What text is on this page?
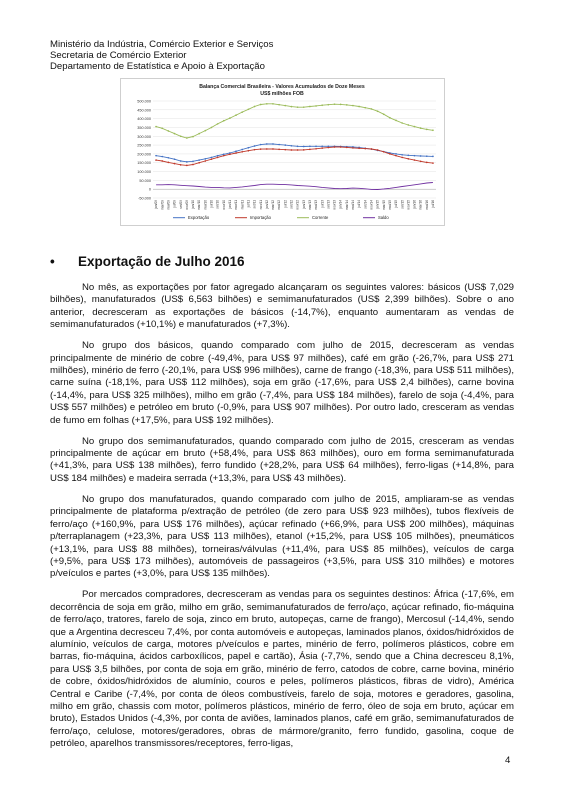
Ministério da Indústria, Comércio Exterior e Serviços
Secretaria de Comércio Exterior
Departamento de Estatística e Apoio à Exportação
Balança Comercial Brasileira - Valores Acumulados de Doze Meses
US$ milhões FOB
500.000
450.000
400.000
350.000
300.000
250.000
200.000
150.000
100.000
50.000
0
-50.000
jan/09 mar/09 mai/09 jul/09 set/09 nov/09 jan/10 mar/10 mai/10 jul/10 set/10 nov/10 jan/11 mar/11 mai/11 jul/11 set/11 nov/11 jan/12 mar/12 mai/12 jul/12 set/12 nov/12 jan/13 mar/13 mai/13 jul/13 set/13 nov/13 jan/14 mar/14 mai/14 jul/14 set/14 nov/14 jan/15 mar/15 mai/15 jul/15 set/15 nov/15 jan/16 mar/16 mai/16 jul/16
Exportação	Importação	Corrente	Saldo
• Exportação de Julho 2016

No mês, as exportações por fator agregado alcançaram os seguintes valores: básicos (US$ 7,029 bilhões), manufaturados (US$ 6,563 bilhões) e semimanufaturados (US$ 2,399 bilhões). Sobre o ano anterior, decresceram as exportações de básicos (-14,7%), enquanto aumentaram as vendas de semimanufaturados (+10,1%) e manufaturados (+7,3%).

No grupo dos básicos, quando comparado com julho de 2015, decresceram as vendas principalmente de minério de cobre (-49,4%, para US$ 97 milhões), café em grão (-26,7%, para US$ 271 milhões), minério de ferro (-20,1%, para US$ 996 milhões), carne de frango (-18,3%, para US$ 511 milhões), carne suína (-18,1%, para US$ 112 milhões), soja em grão (-17,6%, para US$ 2,4 bilhões), carne bovina (-14,4%, para US$ 325 milhões), milho em grão (-7,4%, para US$ 184 milhões), farelo de soja (-4,4%, para US$ 557 milhões) e petróleo em bruto (-0,9%, para US$ 907 milhões). Por outro lado, cresceram as vendas de fumo em folhas (+17,5%, para US$ 192 milhões).

No grupo dos semimanufaturados, quando comparado com julho de 2015, cresceram as vendas principalmente de açúcar em bruto (+58,4%, para US$ 863 milhões), ouro em forma semimanufaturada (+41,3%, para US$ 138 milhões), ferro fundido (+28,2%, para US$ 64 milhões), ferro-ligas (+14,8%, para US$ 184 milhões) e madeira serrada (+13,3%, para US$ 43 milhões).

No grupo dos manufaturados, quando comparado com julho de 2015, ampliaram-se as vendas principalmente de plataforma p/extração de petróleo (de zero para US$ 923 milhões), tubos flexíveis de ferro/aço (+160,9%, para US$ 176 milhões), açúcar refinado (+66,9%, para US$ 200 milhões), máquinas p/terraplanagem (+23,3%, para US$ 113 milhões), etanol (+15,2%, para US$ 105 milhões), pneumáticos (+13,1%, para US$ 88 milhões), torneiras/válvulas (+11,4%, para US$ 85 milhões), veículos de carga (+9,5%, para US$ 173 milhões), automóveis de passageiros (+3,5%, para US$ 310 milhões) e motores p/veículos e partes (+3,0%, para US$ 135 milhões).

Por mercados compradores, decresceram as vendas para os seguintes destinos: África (-17,6%, em decorrência de soja em grão, milho em grão, semimanufaturados de ferro/aço, açúcar refinado, fio-máquina de ferro/aço, tratores, farelo de soja, zinco em bruto, autopeças, carne de frango), Mercosul (-14,4%, sendo que a Argentina decresceu 7,4%, por conta automóveis e autopeças, laminados planos, óxidos/hidróxidos de alumínio, veículos de carga, motores p/veículos e partes, minério de ferro, polímeros plásticos, cobre em barras, fio-máquina, ácidos carboxílicos, papel e cartão), Ásia (-7,7%, sendo que a China decresceu 8,1%, para US$ 3,5 bilhões, por conta de soja em grão, minério de ferro, catodos de cobre, carne bovina, minério de cobre, óxidos/hidróxidos de alumínio, couros e peles, polímeros plásticos, fibras de vidro), América Central e Caribe (-7,4%, por conta de óleos combustíveis, farelo de soja, motores e geradores, gasolina, milho em grão, chassis com motor, polímeros plásticos, minério de ferro, óleo de soja em bruto, açúcar em bruto), Estados Unidos (-4,3%, por conta de aviões, laminados planos, café em grão, semimanufaturados de ferro/aço, celulose, motores/geradores, obras de mármore/granito, ferro fundido, gasolina, coque de petróleo, aparelhos transmissores/receptores, ferro-ligas,

4
